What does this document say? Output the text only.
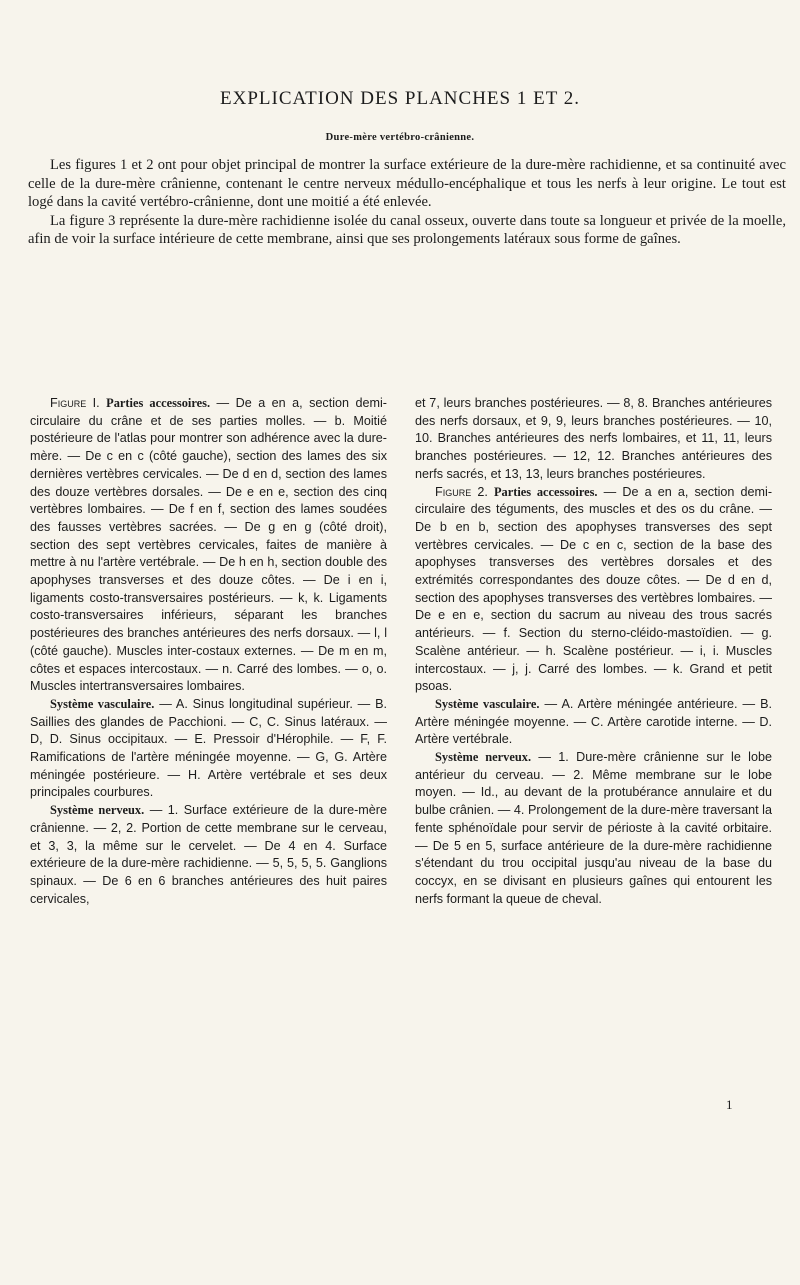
EXPLICATION DES PLANCHES 1 ET 2.
Dure-mère vertébro-crânienne.

Les figures 1 et 2 ont pour objet principal de montrer la surface extérieure de la dure-mère rachidienne, et sa continuité avec celle de la dure-mère crânienne, contenant le centre nerveux médullo-encéphalique et tous les nerfs à leur origine. Le tout est logé dans la cavité vertébro-crânienne, dont une moitié a été enlevée.

La figure 3 représente la dure-mère rachidienne isolée du canal osseux, ouverte dans toute sa longueur et privée de la moelle, afin de voir la surface intérieure de cette membrane, ainsi que ses prolongements latéraux sous forme de gaînes.

Figure I. Parties accessoires. — De a en a, section demi-circulaire du crâne et de ses parties molles. — b. Moitié postérieure de l'atlas pour montrer son adhérence avec la dure-mère. — De c en c (côté gauche), section des lames des six dernières vertèbres cervicales. — De d en d, section des lames des douze vertèbres dorsales. — De e en e, section des cinq vertèbres lombaires. — De f en f, section des lames soudées des fausses vertèbres sacrées. — De g en g (côté droit), section des sept vertèbres cervicales, faites de manière à mettre à nu l'artère vertébrale. — De h en h, section double des apophyses transverses et des douze côtes. — De i en i, ligaments costo-transversaires postérieurs. — k, k. Ligaments costo-transversaires inférieurs, séparant les branches postérieures des branches antérieures des nerfs dorsaux. — l, l (côté gauche). Muscles inter-costaux externes. — De m en m, côtes et espaces intercostaux. — n. Carré des lombes. — o, o. Muscles intertransversaires lombaires.

Système vasculaire. — A. Sinus longitudinal supérieur. — B. Saillies des glandes de Pacchioni. — C, C. Sinus latéraux. — D, D. Sinus occipitaux. — E. Pressoir d'Hérophile. — F, F. Ramifications de l'artère méningée moyenne. — G, G. Artère méningée postérieure. — H. Artère vertébrale et ses deux principales courbures.

Système nerveux. — 1. Surface extérieure de la dure-mère crânienne. — 2, 2. Portion de cette membrane sur le cerveau, et 3, 3, la même sur le cervelet. — De 4 en 4. Surface extérieure de la dure-mère rachidienne. — 5, 5, 5, 5. Ganglions spinaux. — De 6 en 6 branches antérieures des huit paires cervicales,

et 7, leurs branches postérieures. — 8, 8. Branches antérieures des nerfs dorsaux, et 9, 9, leurs branches postérieures. — 10, 10. Branches antérieures des nerfs lombaires, et 11, 11, leurs branches postérieures. — 12, 12. Branches antérieures des nerfs sacrés, et 13, 13, leurs branches postérieures.

Figure 2. Parties accessoires. — De a en a, section demi-circulaire des téguments, des muscles et des os du crâne. — De b en b, section des apophyses transverses des sept vertèbres cervicales. — De c en c, section de la base des apophyses transverses des vertèbres dorsales et des extrémités correspondantes des douze côtes. — De d en d, section des apophyses transverses des vertèbres lombaires. — De e en e, section du sacrum au niveau des trous sacrés antérieurs. — f. Section du sterno-cléido-mastoïdien. — g. Scalène antérieur. — h. Scalène postérieur. — i, i. Muscles intercostaux. — j, j. Carré des lombes. — k. Grand et petit psoas.

Système vasculaire. — A. Artère méningée antérieure. — B. Artère méningée moyenne. — C. Artère carotide interne. — D. Artère vertébrale.

Système nerveux. — 1. Dure-mère crânienne sur le lobe antérieur du cerveau. — 2. Même membrane sur le lobe moyen. — Id., au devant de la protubérance annulaire et du bulbe crânien. — 4. Prolongement de la dure-mère traversant la fente sphénoïdale pour servir de périoste à la cavité orbitaire. — De 5 en 5, surface antérieure de la dure-mère rachidienne s'étendant du trou occipital jusqu'au niveau de la base du coccyx, en se divisant en plusieurs gaînes qui entourent les nerfs formant la queue de cheval.

1
